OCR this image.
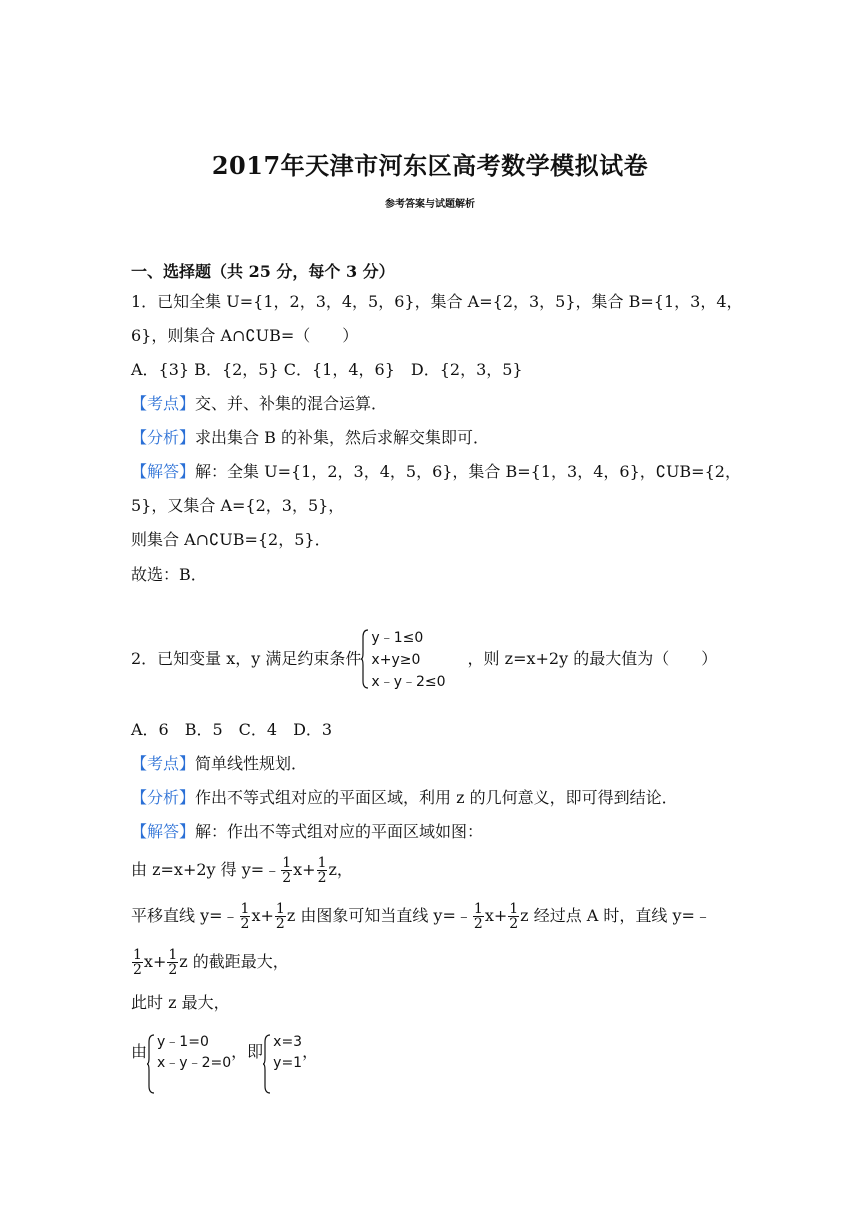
2017年天津市河东区高考数学模拟试卷
参考答案与试题解析
一、选择题（共 25 分，每个 3 分）
1．已知全集 U={1，2，3，4，5，6}，集合 A={2，3，5}，集合 B={1，3，4，
6}，则集合 A∩∁UB=（　　）
A．{3} B．{2，5} C．{1，4，6}　D．{2，3，5}
【考点】交、并、补集的混合运算．
【分析】求出集合 B 的补集，然后求解交集即可．
【解答】解：全集 U={1，2，3，4，5，6}，集合 B={1，3，4，6}，∁UB={2，
5}，又集合 A={2，3，5}，
则集合 A∩∁UB={2，5}．
故选：B．
2．已知变量 x，y 满足约束条件
y﹣1≤0
x+y≥0
x﹣y﹣2≤0
，则 z=x+2y 的最大值为（　　）
A．6　B．5　C．4　D．3
【考点】简单线性规划．
【分析】作出不等式组对应的平面区域，利用 z 的几何意义，即可得到结论．
【解答】解：作出不等式组对应的平面区域如图：
由 z=x+2y 得 y=﹣ $\frac{1}{2} x+ \frac{1}{2}$ z，
平移直线 y=﹣ $\frac{1}{2} x+ \frac{1}{2}$ z 由图象可知当直线 y=﹣ $\frac{1}{2} x+ \frac{1}{2}$ z 经过点 A 时，直线 y=﹣
$\frac{1}{2} x+ \frac{1}{2}$ z 的截距最大，
此时 z 最大，
由
y﹣1=0
x﹣y﹣2=0
，即
x=3
y=1
，
